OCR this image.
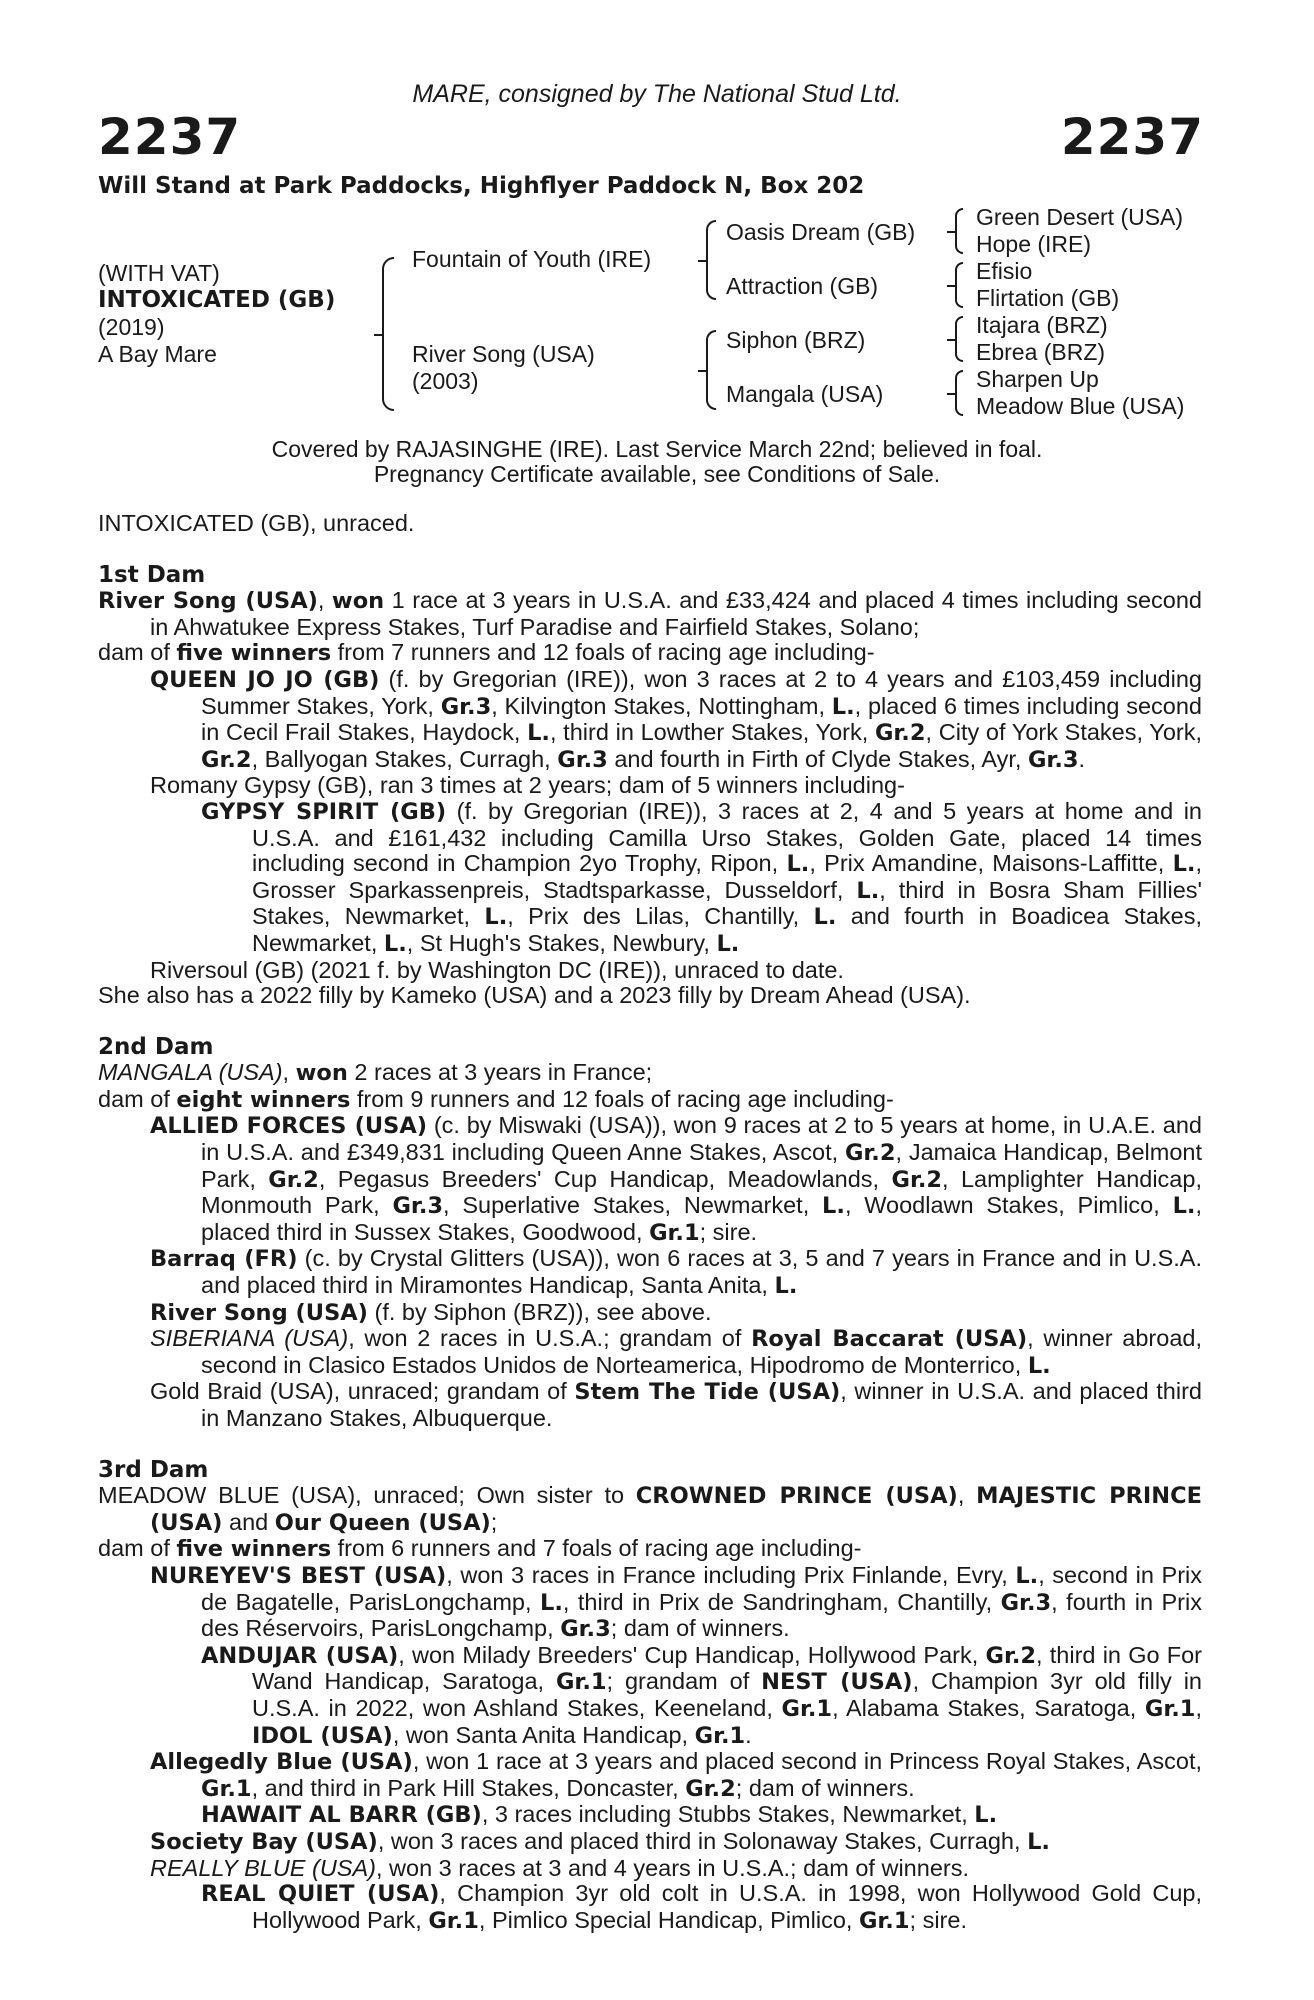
MARE, consigned by The National Stud Ltd.
2237	2237
Will Stand at Park Paddocks, Highflyer Paddock N, Box 202
(WITH VAT)
INTOXICATED (GB)
(2019)
A Bay Mare
Fountain of Youth (IRE)
River Song (USA)
(2003)
Oasis Dream (GB)
Attraction (GB)
Siphon (BRZ)
Mangala (USA)
Green Desert (USA)
Hope (IRE)
Efisio
Flirtation (GB)
Itajara (BRZ)
Ebrea (BRZ)
Sharpen Up
Meadow Blue (USA)
Covered by RAJASINGHE (IRE). Last Service March 22nd; believed in foal.
Pregnancy Certificate available, see Conditions of Sale.

INTOXICATED (GB), unraced.

1st Dam

River Song (USA), won 1 race at 3 years in U.S.A. and £33,424 and placed 4 times including second in Ahwatukee Express Stakes, Turf Paradise and Fairfield Stakes, Solano;

dam of five winners from 7 runners and 12 foals of racing age including-

QUEEN JO JO (GB) (f. by Gregorian (IRE)), won 3 races at 2 to 4 years and £103,459 including Summer Stakes, York, Gr.3, Kilvington Stakes, Nottingham, L., placed 6 times including second in Cecil Frail Stakes, Haydock, L., third in Lowther Stakes, York, Gr.2, City of York Stakes, York, Gr.2, Ballyogan Stakes, Curragh, Gr.3 and fourth in Firth of Clyde Stakes, Ayr, Gr.3.

Romany Gypsy (GB), ran 3 times at 2 years; dam of 5 winners including-

GYPSY SPIRIT (GB) (f. by Gregorian (IRE)), 3 races at 2, 4 and 5 years at home and in U.S.A. and £161,432 including Camilla Urso Stakes, Golden Gate, placed 14 times including second in Champion 2yo Trophy, Ripon, L., Prix Amandine, Maisons-Laffitte, L., Grosser Sparkassenpreis, Stadtsparkasse, Dusseldorf, L., third in Bosra Sham Fillies' Stakes, Newmarket, L., Prix des Lilas, Chantilly, L. and fourth in Boadicea Stakes, Newmarket, L., St Hugh's Stakes, Newbury, L.

Riversoul (GB) (2021 f. by Washington DC (IRE)), unraced to date.

She also has a 2022 filly by Kameko (USA) and a 2023 filly by Dream Ahead (USA).

2nd Dam

MANGALA (USA), won 2 races at 3 years in France;

dam of eight winners from 9 runners and 12 foals of racing age including-

ALLIED FORCES (USA) (c. by Miswaki (USA)), won 9 races at 2 to 5 years at home, in U.A.E. and in U.S.A. and £349,831 including Queen Anne Stakes, Ascot, Gr.2, Jamaica Handicap, Belmont Park, Gr.2, Pegasus Breeders' Cup Handicap, Meadowlands, Gr.2, Lamplighter Handicap, Monmouth Park, Gr.3, Superlative Stakes, Newmarket, L., Woodlawn Stakes, Pimlico, L., placed third in Sussex Stakes, Goodwood, Gr.1; sire.

Barraq (FR) (c. by Crystal Glitters (USA)), won 6 races at 3, 5 and 7 years in France and in U.S.A. and placed third in Miramontes Handicap, Santa Anita, L.

River Song (USA) (f. by Siphon (BRZ)), see above.

SIBERIANA (USA), won 2 races in U.S.A.; grandam of Royal Baccarat (USA), winner abroad, second in Clasico Estados Unidos de Norteamerica, Hipodromo de Monterrico, L.

Gold Braid (USA), unraced; grandam of Stem The Tide (USA), winner in U.S.A. and placed third in Manzano Stakes, Albuquerque.

3rd Dam

MEADOW BLUE (USA), unraced; Own sister to CROWNED PRINCE (USA), MAJESTIC PRINCE (USA) and Our Queen (USA);

dam of five winners from 6 runners and 7 foals of racing age including-

NUREYEV'S BEST (USA), won 3 races in France including Prix Finlande, Evry, L., second in Prix de Bagatelle, ParisLongchamp, L., third in Prix de Sandringham, Chantilly, Gr.3, fourth in Prix des Réservoirs, ParisLongchamp, Gr.3; dam of winners.

ANDUJAR (USA), won Milady Breeders' Cup Handicap, Hollywood Park, Gr.2, third in Go For Wand Handicap, Saratoga, Gr.1; grandam of NEST (USA), Champion 3yr old filly in U.S.A. in 2022, won Ashland Stakes, Keeneland, Gr.1, Alabama Stakes, Saratoga, Gr.1, IDOL (USA), won Santa Anita Handicap, Gr.1.

Allegedly Blue (USA), won 1 race at 3 years and placed second in Princess Royal Stakes, Ascot, Gr.1, and third in Park Hill Stakes, Doncaster, Gr.2; dam of winners.

HAWAIT AL BARR (GB), 3 races including Stubbs Stakes, Newmarket, L.

Society Bay (USA), won 3 races and placed third in Solonaway Stakes, Curragh, L.

REALLY BLUE (USA), won 3 races at 3 and 4 years in U.S.A.; dam of winners.

REAL QUIET (USA), Champion 3yr old colt in U.S.A. in 1998, won Hollywood Gold Cup, Hollywood Park, Gr.1, Pimlico Special Handicap, Pimlico, Gr.1; sire.
